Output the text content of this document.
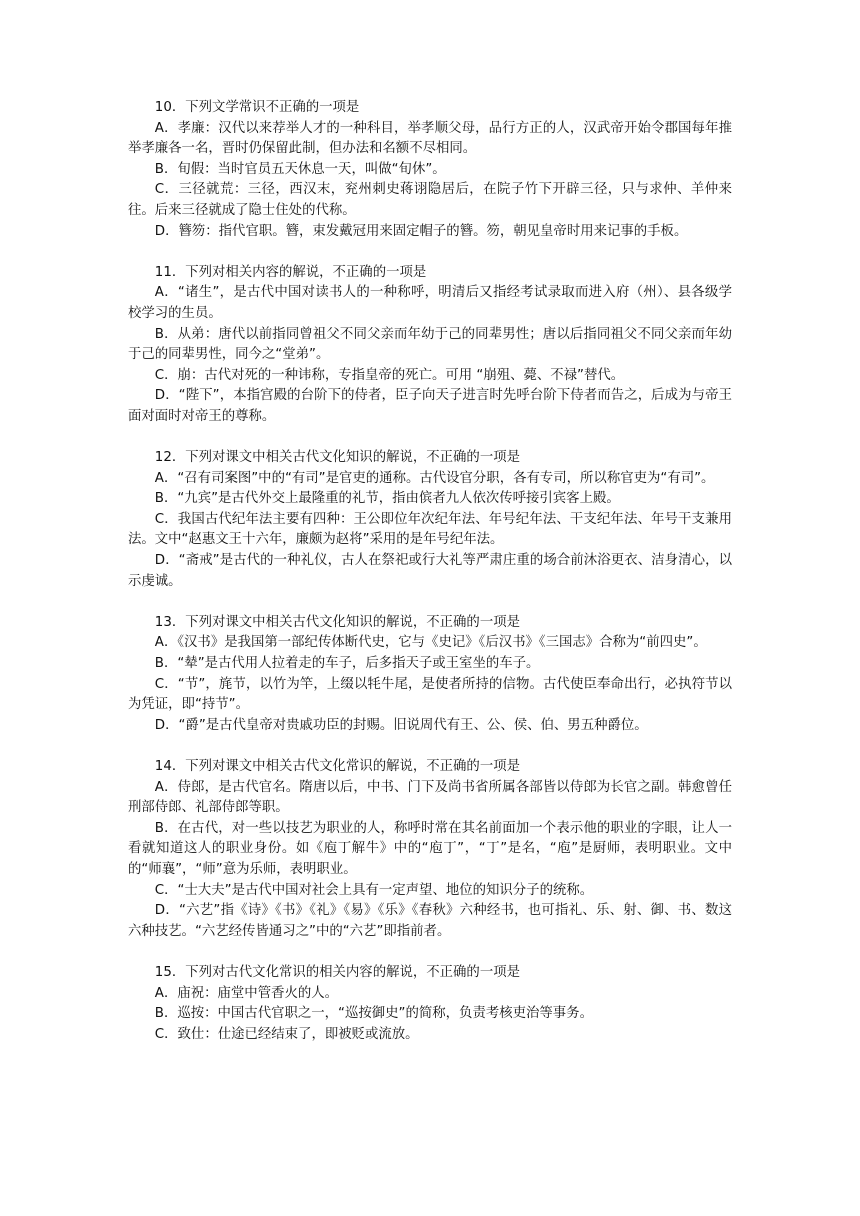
10．下列文学常识不正确的一项是

A．孝廉：汉代以来荐举人才的一种科目，举孝顺父母，品行方正的人，汉武帝开始令郡国每年推举孝廉各一名，晋时仍保留此制，但办法和名额不尽相同。

B．旬假：当时官员五天休息一天，叫做“旬休”。

C．三径就荒：三径，西汉末，兖州刺史蒋诩隐居后，在院子竹下开辟三径，只与求仲、羊仲来往。后来三径就成了隐士住处的代称。

D．簪笏：指代官职。簪，束发戴冠用来固定帽子的簪。笏，朝见皇帝时用来记事的手板。

11．下列对相关内容的解说，不正确的一项是

A．“诸生”，是古代中国对读书人的一种称呼，明清后又指经考试录取而进入府（州）、县各级学校学习的生员。

B．从弟：唐代以前指同曾祖父不同父亲而年幼于己的同辈男性；唐以后指同祖父不同父亲而年幼于己的同辈男性，同今之“堂弟”。

C．崩：古代对死的一种讳称，专指皇帝的死亡。可用 “崩殂、薨、不禄”替代。

D．“陛下”，本指宫殿的台阶下的侍者，臣子向天子进言时先呼台阶下侍者而告之，后成为与帝王面对面时对帝王的尊称。

12．下列对课文中相关古代文化知识的解说，不正确的一项是

A．“召有司案图”中的“有司”是官吏的通称。古代设官分职，各有专司，所以称官吏为“有司”。

B．“九宾”是古代外交上最隆重的礼节，指由傧者九人依次传呼接引宾客上殿。

C．我国古代纪年法主要有四种：王公即位年次纪年法、年号纪年法、干支纪年法、年号干支兼用法。文中“赵惠文王十六年，廉颇为赵将”采用的是年号纪年法。

D．“斋戒”是古代的一种礼仪，古人在祭祀或行大礼等严肃庄重的场合前沐浴更衣、洁身清心，以示虔诚。

13．下列对课文中相关古代文化知识的解说，不正确的一项是

A．《汉书》是我国第一部纪传体断代史，它与《史记》《后汉书》《三国志》合称为“前四史”。

B．“辇”是古代用人拉着走的车子，后多指天子或王室坐的车子。

C．“节”，旄节，以竹为竿，上缀以牦牛尾，是使者所持的信物。古代使臣奉命出行，必执符节以为凭证，即“持节”。

D．“爵”是古代皇帝对贵戚功臣的封赐。旧说周代有王、公、侯、伯、男五种爵位。

14．下列对课文中相关古代文化常识的解说，不正确的一项是

A．侍郎，是古代官名。隋唐以后，中书、门下及尚书省所属各部皆以侍郎为长官之副。韩愈曾任刑部侍郎、礼部侍郎等职。

B．在古代，对一些以技艺为职业的人，称呼时常在其名前面加一个表示他的职业的字眼，让人一看就知道这人的职业身份。如《庖丁解牛》中的“庖丁”，“丁”是名，“庖”是厨师，表明职业。文中的“师襄”，“师”意为乐师，表明职业。

C．“士大夫”是古代中国对社会上具有一定声望、地位的知识分子的统称。

D．“六艺”指《诗》《书》《礼》《易》《乐》《春秋》六种经书，也可指礼、乐、射、御、书、数这六种技艺。“六艺经传皆通习之”中的“六艺”即指前者。

15．下列对古代文化常识的相关内容的解说，不正确的一项是

A．庙祝：庙堂中管香火的人。

B．巡按：中国古代官职之一，“巡按御史”的简称，负责考核吏治等事务。

C．致仕：仕途已经结束了，即被贬或流放。
